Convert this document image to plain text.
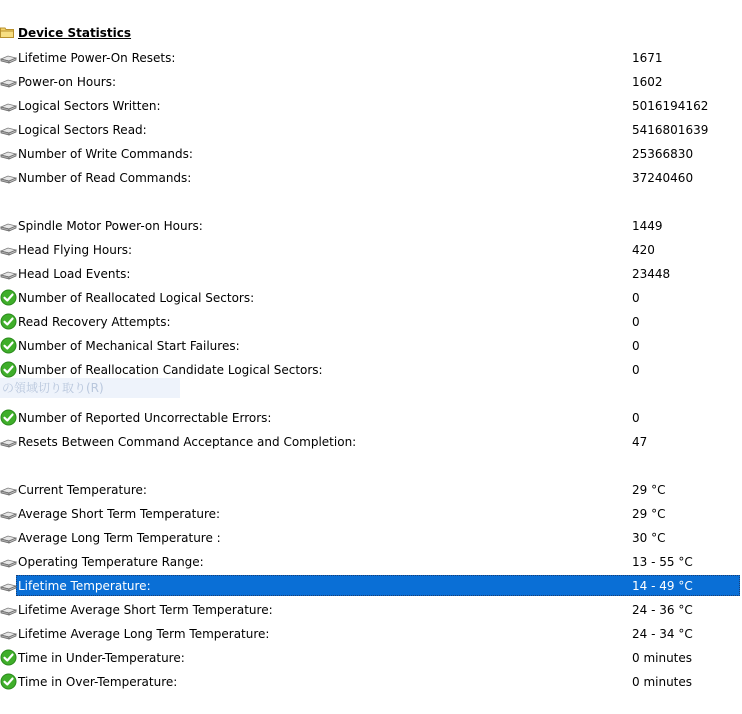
Device Statistics
の領域切り取り(R)
Lifetime Power-On Resets:	1671
Power-on Hours:	1602
Logical Sectors Written:	5016194162
Logical Sectors Read:	5416801639
Number of Write Commands:	25366830
Number of Read Commands:	37240460
Spindle Motor Power-on Hours:	1449
Head Flying Hours:	420
Head Load Events:	23448
Number of Reallocated Logical Sectors:	0
Read Recovery Attempts:	0
Number of Mechanical Start Failures:	0
Number of Reallocation Candidate Logical Sectors:	0
Number of Reported Uncorrectable Errors:	0
Resets Between Command Acceptance and Completion:	47
Current Temperature:	29 °C
Average Short Term Temperature:	29 °C
Average Long Term Temperature :	30 °C
Operating Temperature Range:	13 - 55 °C
Lifetime Temperature:	14 - 49 °C
Lifetime Average Short Term Temperature:	24 - 36 °C
Lifetime Average Long Term Temperature:	24 - 34 °C
Time in Under-Temperature:	0 minutes
Time in Over-Temperature:	0 minutes
